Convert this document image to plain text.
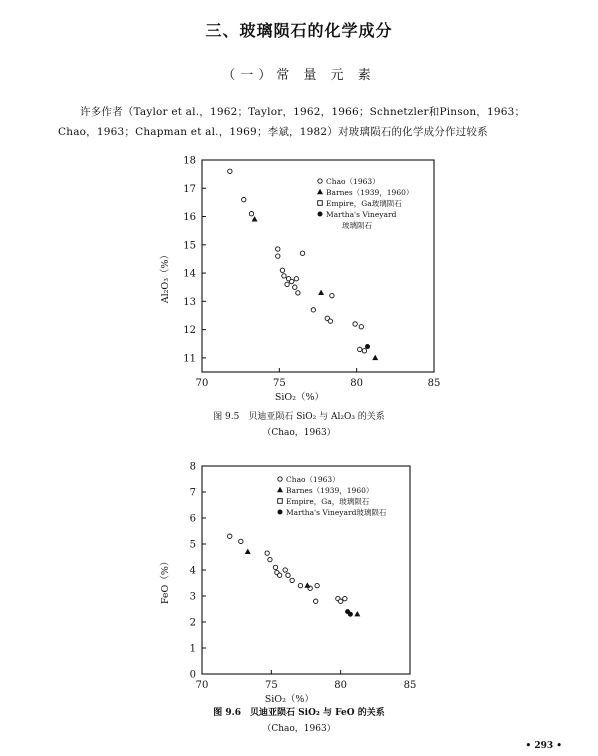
三、玻璃陨石的化学成分
（一）常 量 元 素
许多作者（Taylor et al.，1962；Taylor，1962，1966；Schnetzler和Pinson，1963；
Chao，1963；Chapman et al.，1969；李斌，1982）对玻璃陨石的化学成分作过较系
70	75	80	85
11
12
13
14
15
16
17
18
SiO₂（%）
Al₂O₃（%）
Chao（1963）
Barnes（1939，1960）
Empire，Ga玻璃陨石
Martha's Vineyard
玻璃陨石
图 9.5　贝迪亚陨石 SiO₂ 与 Al₂O₃ 的关系
（Chao，1963）
70	75	80	85
0
1
2
3
4
5
6
7
8
SiO₂（%）
FeO（%）
Chao（1963）
Barnes（1939，1960）
Empire，Ga，玻璃陨石
Martha's Vineyard玻璃陨石
图 9.6　贝迪亚陨石 SiO₂ 与 FeO 的关系
（Chao，1963）
• 293 •
